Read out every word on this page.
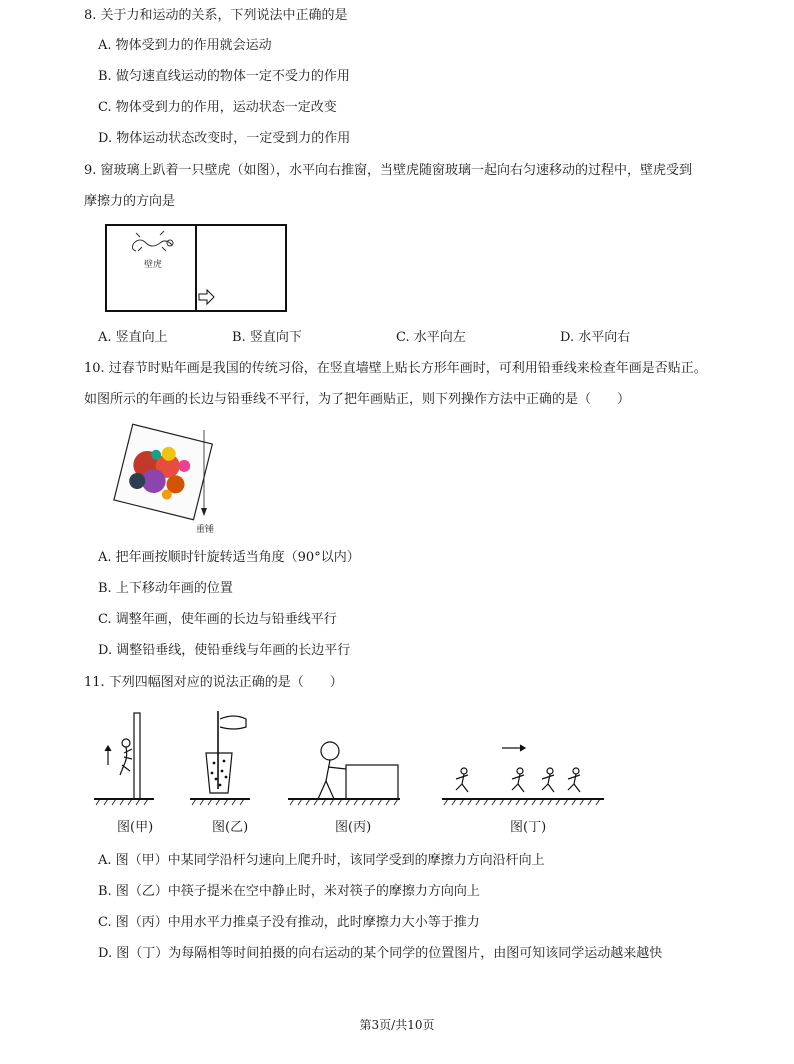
8. 关于力和运动的关系，下列说法中正确的是
A. 物体受到力的作用就会运动
B. 做匀速直线运动的物体一定不受力的作用
C. 物体受到力的作用，运动状态一定改变
D. 物体运动状态改变时，一定受到力的作用
9. 窗玻璃上趴着一只壁虎（如图），水平向右推窗，当壁虎随窗玻璃一起向右匀速移动的过程中，壁虎受到
摩擦力的方向是
壁虎
A. 竖直向上	B. 竖直向下	C. 水平向左	D. 水平向右
10. 过春节时贴年画是我国的传统习俗，在竖直墙壁上贴长方形年画时，可利用铅垂线来检查年画是否贴正。
如图所示的年画的长边与铅垂线不平行，为了把年画贴正，则下列操作方法中正确的是（　　）
重锤
A. 把年画按顺时针旋转适当角度（90°以内）
B. 上下移动年画的位置
C. 调整年画，使年画的长边与铅垂线平行
D. 调整铅垂线，使铅垂线与年画的长边平行
11. 下列四幅图对应的说法正确的是（　　）
图(甲)	图(乙)	图(丙)	图(丁)
A. 图（甲）中某同学沿杆匀速向上爬升时，该同学受到的摩擦力方向沿杆向上
B. 图（乙）中筷子提米在空中静止时，米对筷子的摩擦力方向向上
C. 图（丙）中用水平力推桌子没有推动，此时摩擦力大小等于推力
D. 图（丁）为每隔相等时间拍摄的向右运动的某个同学的位置图片，由图可知该同学运动越来越快
第3页/共10页
